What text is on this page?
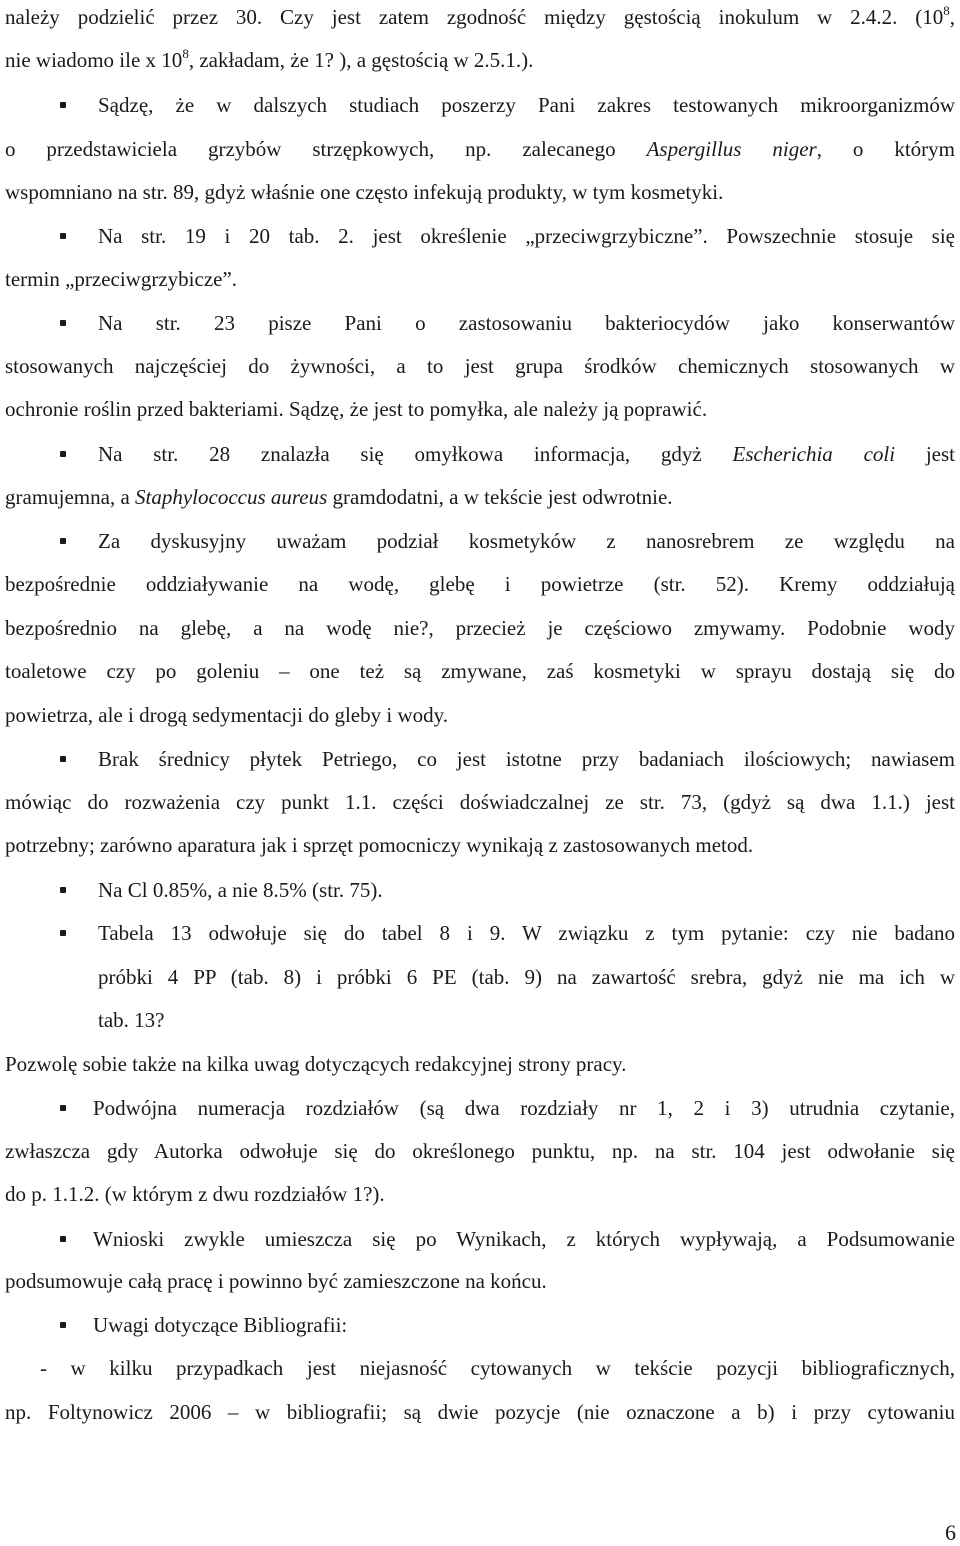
należy podzielić przez 30. Czy jest zatem zgodność między gęstością inokulum w 2.4.2. ($10^8$,
nie wiadomo ile x $10^8$, zakładam, że 1? ), a gęstością w 2.5.1.).
Sądzę, że w dalszych studiach poszerzy Pani zakres testowanych mikroorganizmów
o przedstawiciela grzybów strzępkowych, np. zalecanego Aspergillus niger, o którym
wspomniano na str. 89, gdyż właśnie one często infekują produkty, w tym kosmetyki.
Na str. 19 i 20 tab. 2. jest określenie „przeciwgrzybiczne”. Powszechnie stosuje się
termin „przeciwgrzybicze”.
Na str. 23 pisze Pani o zastosowaniu bakteriocydów jako konserwantów
stosowanych najczęściej do żywności, a to jest grupa środków chemicznych stosowanych w
ochronie roślin przed bakteriami. Sądzę, że jest to pomyłka, ale należy ją poprawić.
Na str. 28 znalazła się omyłkowa informacja, gdyż Escherichia coli jest
gramujemna, a Staphylococcus aureus gramdodatni, a w tekście jest odwrotnie.
Za dyskusyjny uważam podział kosmetyków z nanosrebrem ze względu na
bezpośrednie oddziaływanie na wodę, glebę i powietrze (str. 52). Kremy oddziałują
bezpośrednio na glebę, a na wodę nie?, przecież je częściowo zmywamy. Podobnie wody
toaletowe czy po goleniu – one też są zmywane, zaś kosmetyki w sprayu dostają się do
powietrza, ale i drogą sedymentacji do gleby i wody.
Brak średnicy płytek Petriego, co jest istotne przy badaniach ilościowych; nawiasem
mówiąc do rozważenia czy punkt 1.1. części doświadczalnej ze str. 73, (gdyż są dwa 1.1.) jest
potrzebny; zarówno aparatura jak i sprzęt pomocniczy wynikają z zastosowanych metod.
Na Cl 0.85%, a nie 8.5% (str. 75).
Tabela 13 odwołuje się do tabel 8 i 9. W związku z tym pytanie: czy nie badano
próbki 4 PP (tab. 8) i próbki 6 PE (tab. 9) na zawartość srebra, gdyż nie ma ich w
tab. 13?
Pozwolę sobie także na kilka uwag dotyczących redakcyjnej strony pracy.
Podwójna numeracja rozdziałów (są dwa rozdziały nr 1, 2 i 3) utrudnia czytanie,
zwłaszcza gdy Autorka odwołuje się do określonego punktu, np. na str. 104 jest odwołanie się
do p. 1.1.2. (w którym z dwu rozdziałów 1?).
Wnioski zwykle umieszcza się po Wynikach, z których wypływają, a Podsumowanie
podsumowuje całą pracę i powinno być zamieszczone na końcu.
Uwagi dotyczące Bibliografii:
- w kilku przypadkach jest niejasność cytowanych w tekście pozycji bibliograficznych,
np. Foltynowicz 2006 – w bibliografii; są dwie pozycje (nie oznaczone a b) i przy cytowaniu
6
